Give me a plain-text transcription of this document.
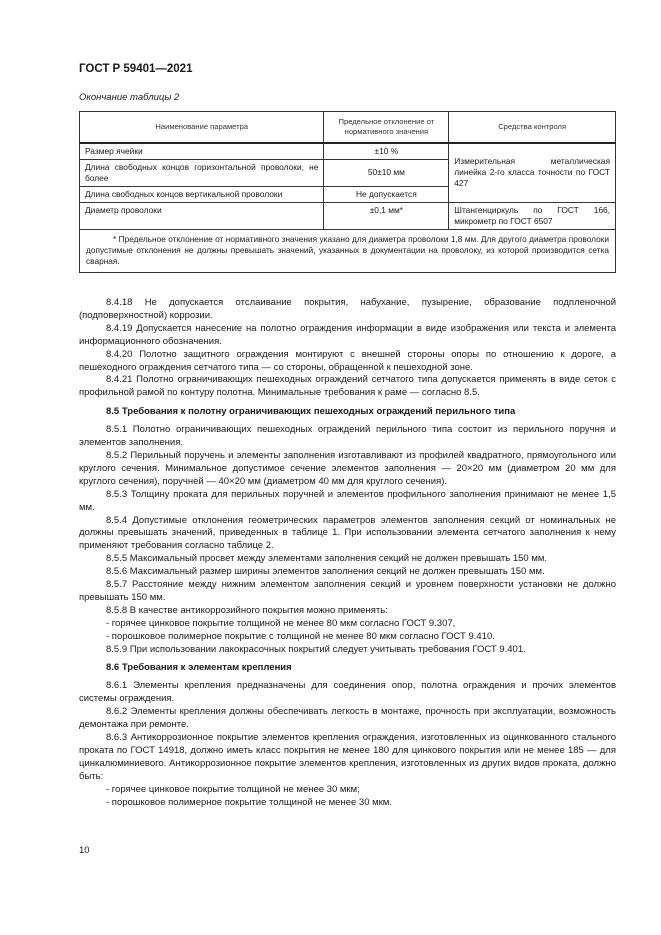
ГОСТ Р 59401—2021
Окончание таблицы 2
Наименование параметра	Предельное отклонение от нормативного значения	Средства контроля
Размер ячейки	±10 %	Измерительная металлическая линейка 2-го класса точности по ГОСТ 427
Длина свободных концов горизонтальной проволоки, не более	50±10 мм	
Длина свободных концов вертикальной проволоки	Не допускается	
Диаметр проволоки	±0,1 мм*	Штангенциркуль по ГОСТ 166, микрометр по ГОСТ 6507

* Предельное отклонение от нормативного значения указано для диаметра проволоки 1,8 мм. Для другого диаметра проволоки допустимые отклонения не должны превышать значений, указанных в документации на проволоку, из которой производится сетка сварная.		

8.4.18 Не допускается отслаивание покрытия, набухание, пузырение, образование подпленочной (подповерхностной) коррозии.

8.4.19 Допускается нанесение на полотно ограждения информации в виде изображения или текста и элемента информационного обозначения.

8.4.20 Полотно защитного ограждения монтируют с внешней стороны опоры по отношению к дороге, а пешеходного ограждения сетчатого типа — со стороны, обращенной к пешеходной зоне.

8.4.21 Полотно ограничивающих пешеходных ограждений сетчатого типа допускается применять в виде сеток с профильной рамой по контуру полотна. Минимальные требования к раме — согласно 8.5.

8.5 Требования к полотну ограничивающих пешеходных ограждений перильного типа

8.5.1 Полотно ограничивающих пешеходных ограждений перильного типа состоит из перильного поручня и элементов заполнения.

8.5.2 Перильный поручень и элементы заполнения изготавливают из профилей квадратного, прямоугольного или круглого сечения. Минимальное допустимое сечение элементов заполнения — 20×20 мм (диаметром 20 мм для круглого сечения), поручней — 40×20 мм (диаметром 40 мм для круглого сечения).

8.5.3 Толщину проката для перильных поручней и элементов профильного заполнения принимают не менее 1,5 мм.

8.5.4 Допустимые отклонения геометрических параметров элементов заполнения секций от номинальных не должны превышать значений, приведенных в таблице 1. При использовании элемента сетчатого заполнения к нему применяют требования согласно таблице 2.

8.5.5 Максимальный просвет между элементами заполнения секций не должен превышать 150 мм.

8.5.6 Максимальный размер ширины элементов заполнения секций не должен превышать 150 мм.

8.5.7 Расстояние между нижним элементом заполнения секций и уровнем поверхности установки не должно превышать 150 мм.

8.5.8 В качестве антикоррозийного покрытия можно применять:

- горячее цинковое покрытие толщиной не менее 80 мкм согласно ГОСТ 9.307,

- порошковое полимерное покрытие с толщиной не менее 80 мкм согласно ГОСТ 9.410.

8.5.9 При использовании лакокрасочных покрытий следует учитывать требования ГОСТ 9.401.

8.6 Требования к элементам крепления

8.6.1 Элементы крепления предназначены для соединения опор, полотна ограждения и прочих элементов системы ограждения.

8.6.2 Элементы крепления должны обеспечивать легкость в монтаже, прочность при эксплуатации, возможность демонтажа при ремонте.

8.6.3 Антикоррозионное покрытие элементов крепления ограждения, изготовленных из оцинкованного стального проката по ГОСТ 14918, должно иметь класс покрытия не менее 180 для цинкового покрытия или не менее 185 — для цинкалюминиевого. Антикоррозионное покрытие элементов крепления, изготовленных из других видов проката, должно быть:

- горячее цинковое покрытие толщиной не менее 30 мкм;

- порошковое полимерное покрытие толщиной не менее 30 мкм.

10
